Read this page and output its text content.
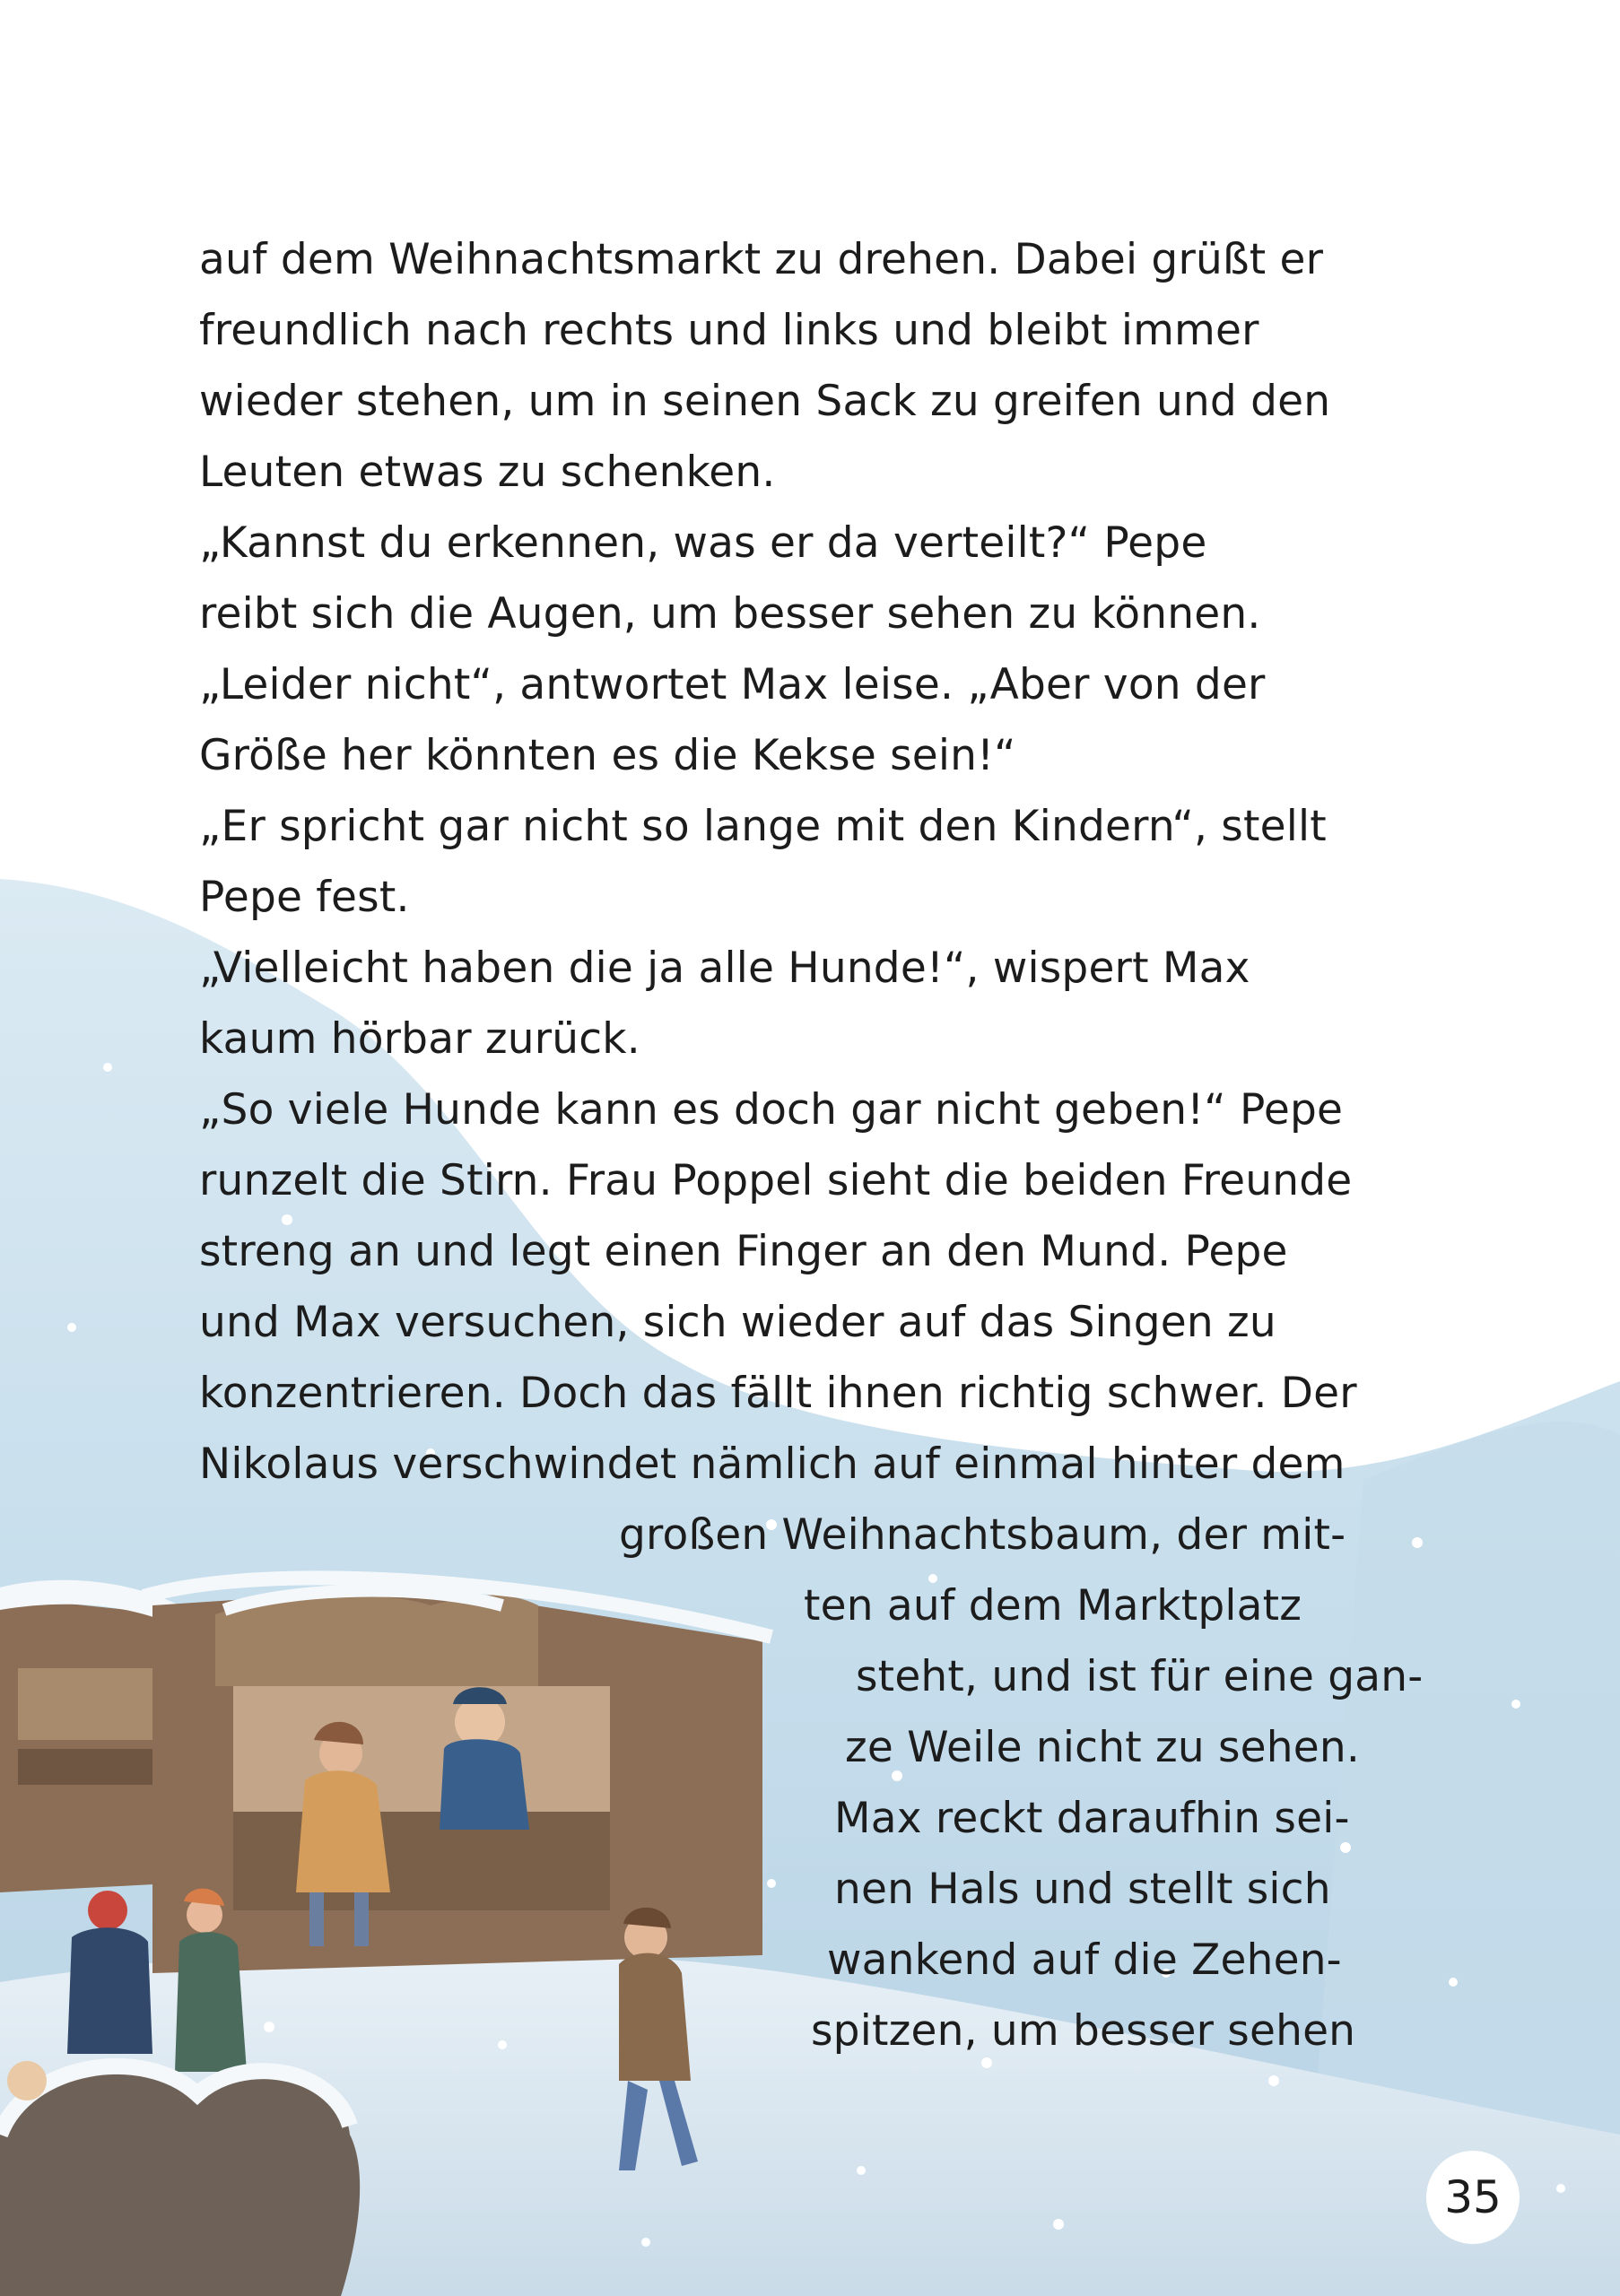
auf dem Weihnachtsmarkt zu drehen. Dabei grüßt er
freundlich nach rechts und links und bleibt immer
wieder stehen, um in seinen Sack zu greifen und den
Leuten etwas zu schenken.
„Kannst du erkennen, was er da verteilt?“ Pepe
reibt sich die Augen, um besser sehen zu können.
„Leider nicht“, antwortet Max leise. „Aber von der
Größe her könnten es die Kekse sein!“
„Er spricht gar nicht so lange mit den Kindern“, stellt
Pepe fest.
„Vielleicht haben die ja alle Hunde!“, wispert Max
kaum hörbar zurück.
„So viele Hunde kann es doch gar nicht geben!“ Pepe
runzelt die Stirn. Frau Poppel sieht die beiden Freunde
streng an und legt einen Finger an den Mund. Pepe
und Max versuchen, sich wieder auf das Singen zu
konzentrieren. Doch das fällt ihnen richtig schwer. Der
Nikolaus verschwindet nämlich auf einmal hinter dem
großen Weihnachtsbaum, der mit-
ten auf dem Marktplatz
steht, und ist für eine gan-
ze Weile nicht zu sehen.
Max reckt daraufhin sei-
nen Hals und stellt sich
wankend auf die Zehen-
spitzen, um besser sehen
35
